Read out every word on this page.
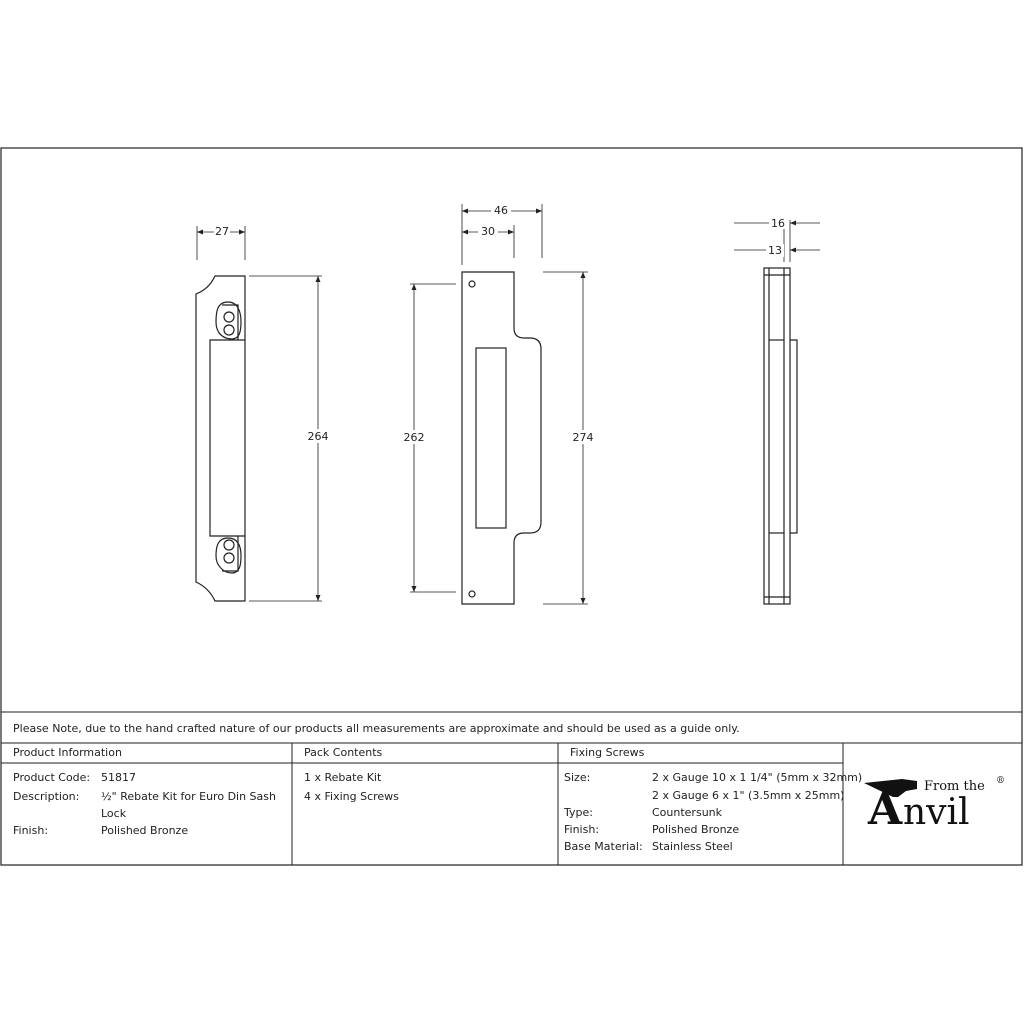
27
264
46
30
262	274
16
13
Please Note, due to the hand crafted nature of our products all measurements are approximate and should be used as a guide only.
Product Information	Pack Contents	Fixing Screws
Product Code: 51817
Description: ½" Rebate Kit for Euro Din Sash
Lock
Finish:	Polished Bronze
1 x Rebate Kit
4 x Fixing Screws
Size:	2 x Gauge 10 x 1 1/4" (5mm x 32mm)
2 x Gauge 6 x 1" (3.5mm x 25mm)
Type:	Countersunk
Finish:	Polished Bronze
Base Material: Stainless Steel
From the ®
A nvil
